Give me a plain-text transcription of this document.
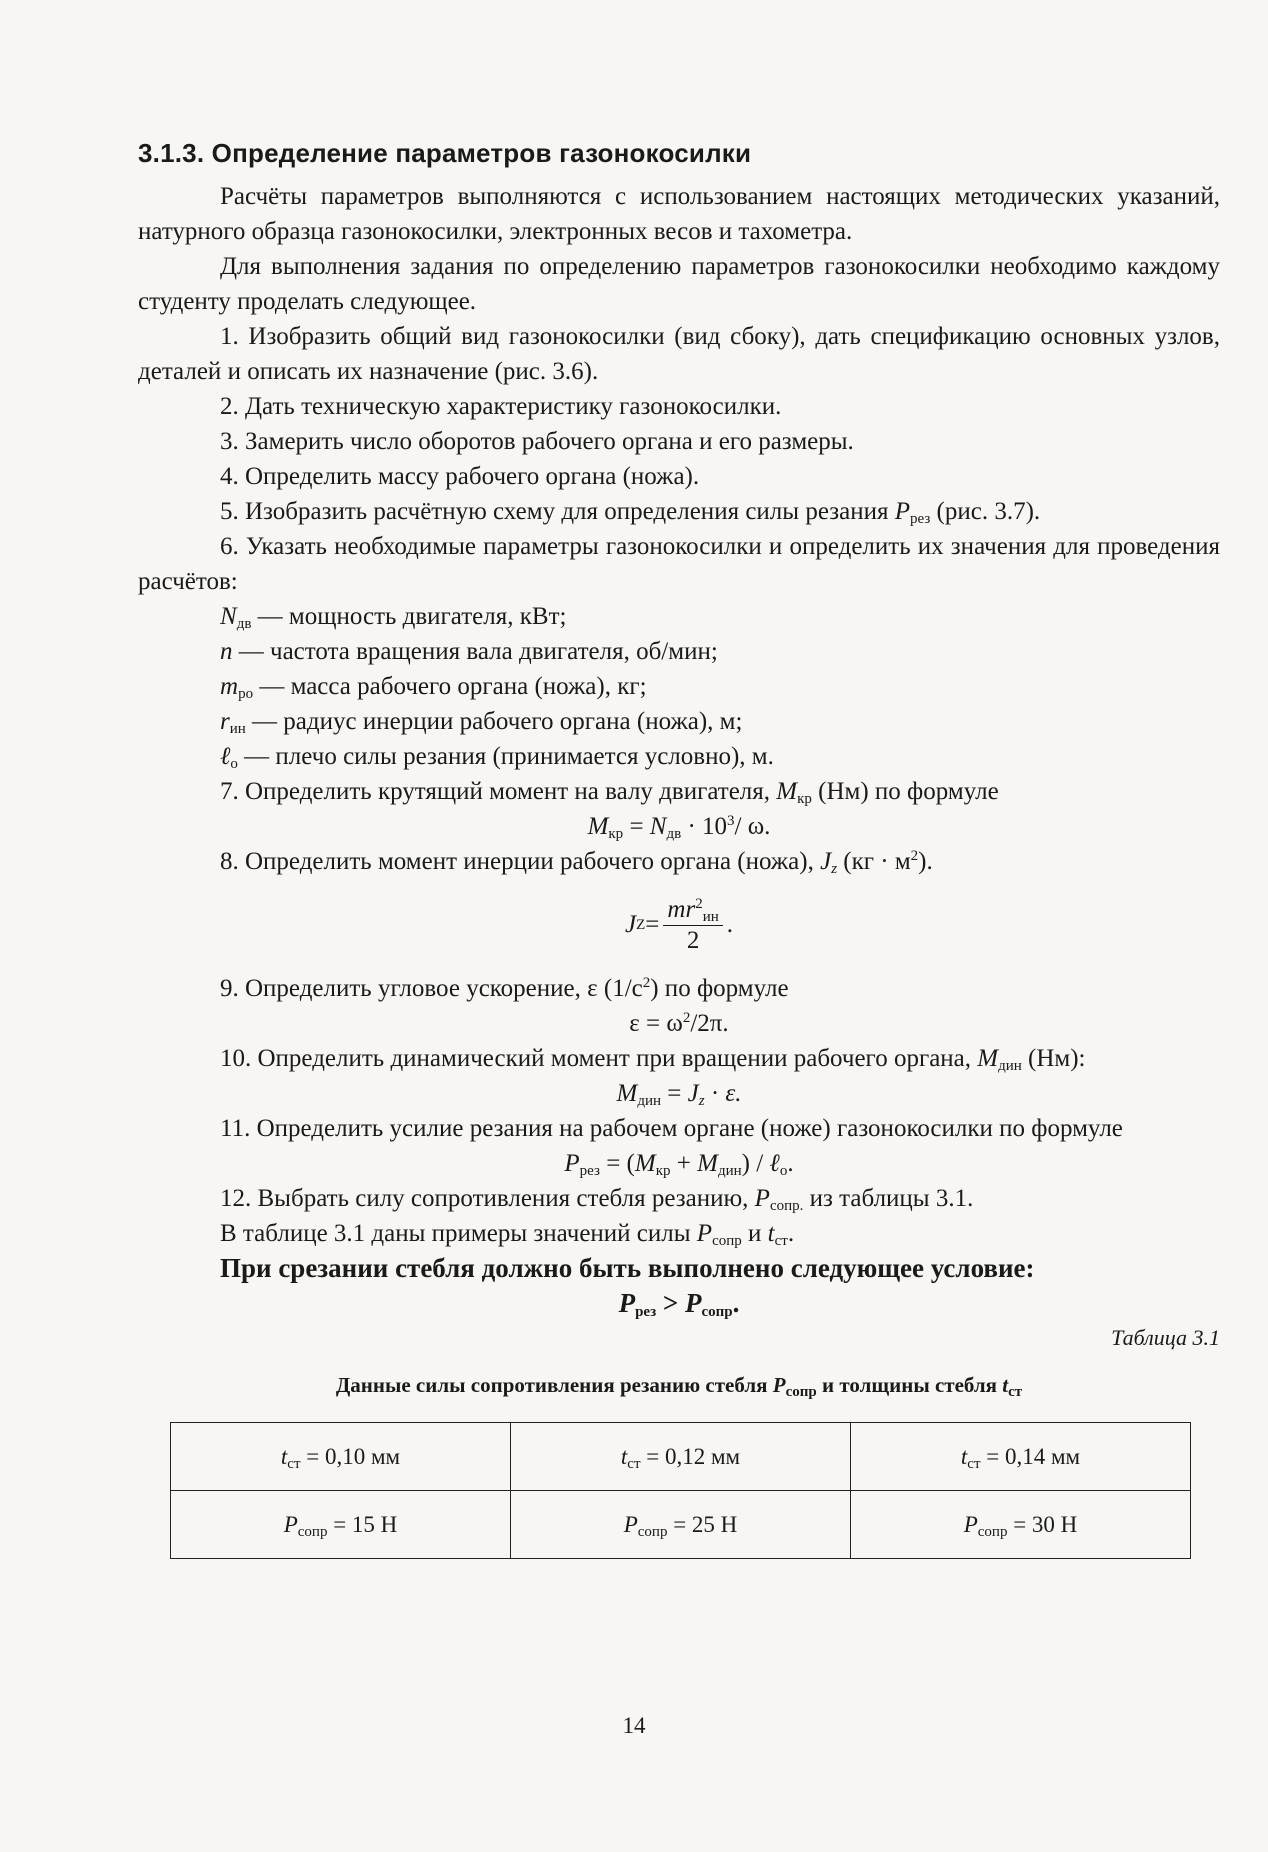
3.1.3. Определение параметров газонокосилки

Расчёты параметров выполняются с использованием настоящих методических указаний, натурного образца газонокосилки, электронных весов и тахометра.

Для выполнения задания по определению параметров газонокосилки необходимо каждому студенту проделать следующее.

1. Изобразить общий вид газонокосилки (вид сбоку), дать спецификацию основных узлов, деталей и описать их назначение (рис. 3.6).

2. Дать техническую характеристику газонокосилки.

3. Замерить число оборотов рабочего органа и его размеры.

4. Определить массу рабочего органа (ножа).

5. Изобразить расчётную схему для определения силы резания $P_{рез}$ (рис. 3.7).

6. Указать необходимые параметры газонокосилки и определить их значения для проведения расчётов:

$N_{дв}$ — мощность двигателя, кВт;

n — частота вращения вала двигателя, об/мин;

$m_{ро}$ — масса рабочего органа (ножа), кг;

$r_{ин}$ — радиус инерции рабочего органа (ножа), м;

ℓ$_о$ — плечо силы резания (принимается условно), м.

7. Определить крутящий момент на валу двигателя, $M_{кр}$ (Нм) по формуле

$M_{кр} = N_{дв} \cdot 10^3/$ ω.

8. Определить момент инерции рабочего органа (ножа), $J_z$ $(кг \cdot м^2)$.

J $Z = \frac{mr^2_{ин}}{2}$ .

9. Определить угловое ускорение, ε $(1/с^2)$ по формуле

$\varepsilon = \omega^2/2\pi$.

10. Определить динамический момент при вращении рабочего органа, $M_{дин}$ (Нм):

$M_{дин} = J_z \cdot \varepsilon$.

11. Определить усилие резания на рабочем органе (ноже) газонокосилки по формуле

$P_{рез} = (M_{кр} + M_{дин})$ / ℓ$_о$.

12. Выбрать силу сопротивления стебля резанию, $P_{сопр.}$ из таблицы 3.1.

В таблице 3.1 даны примеры значений силы $P_{сопр}$ и $t_{ст}$.

При срезании стебля должно быть выполнено следующее условие:

$P_{рез} > P_{сопр}$.

Таблица 3.1
Данные силы сопротивления резанию стебля $P_{сопр}$ и толщины стебля $t_{ст}$
$t_{ст} = 0,10$ мм	$t_{ст} = 0,12$ мм	$t_{ст} = 0,14$ мм
$P_{сопр} = 15$ Н	$P_{сопр} = 25$ Н	$P_{сопр} = 30$ Н
14
